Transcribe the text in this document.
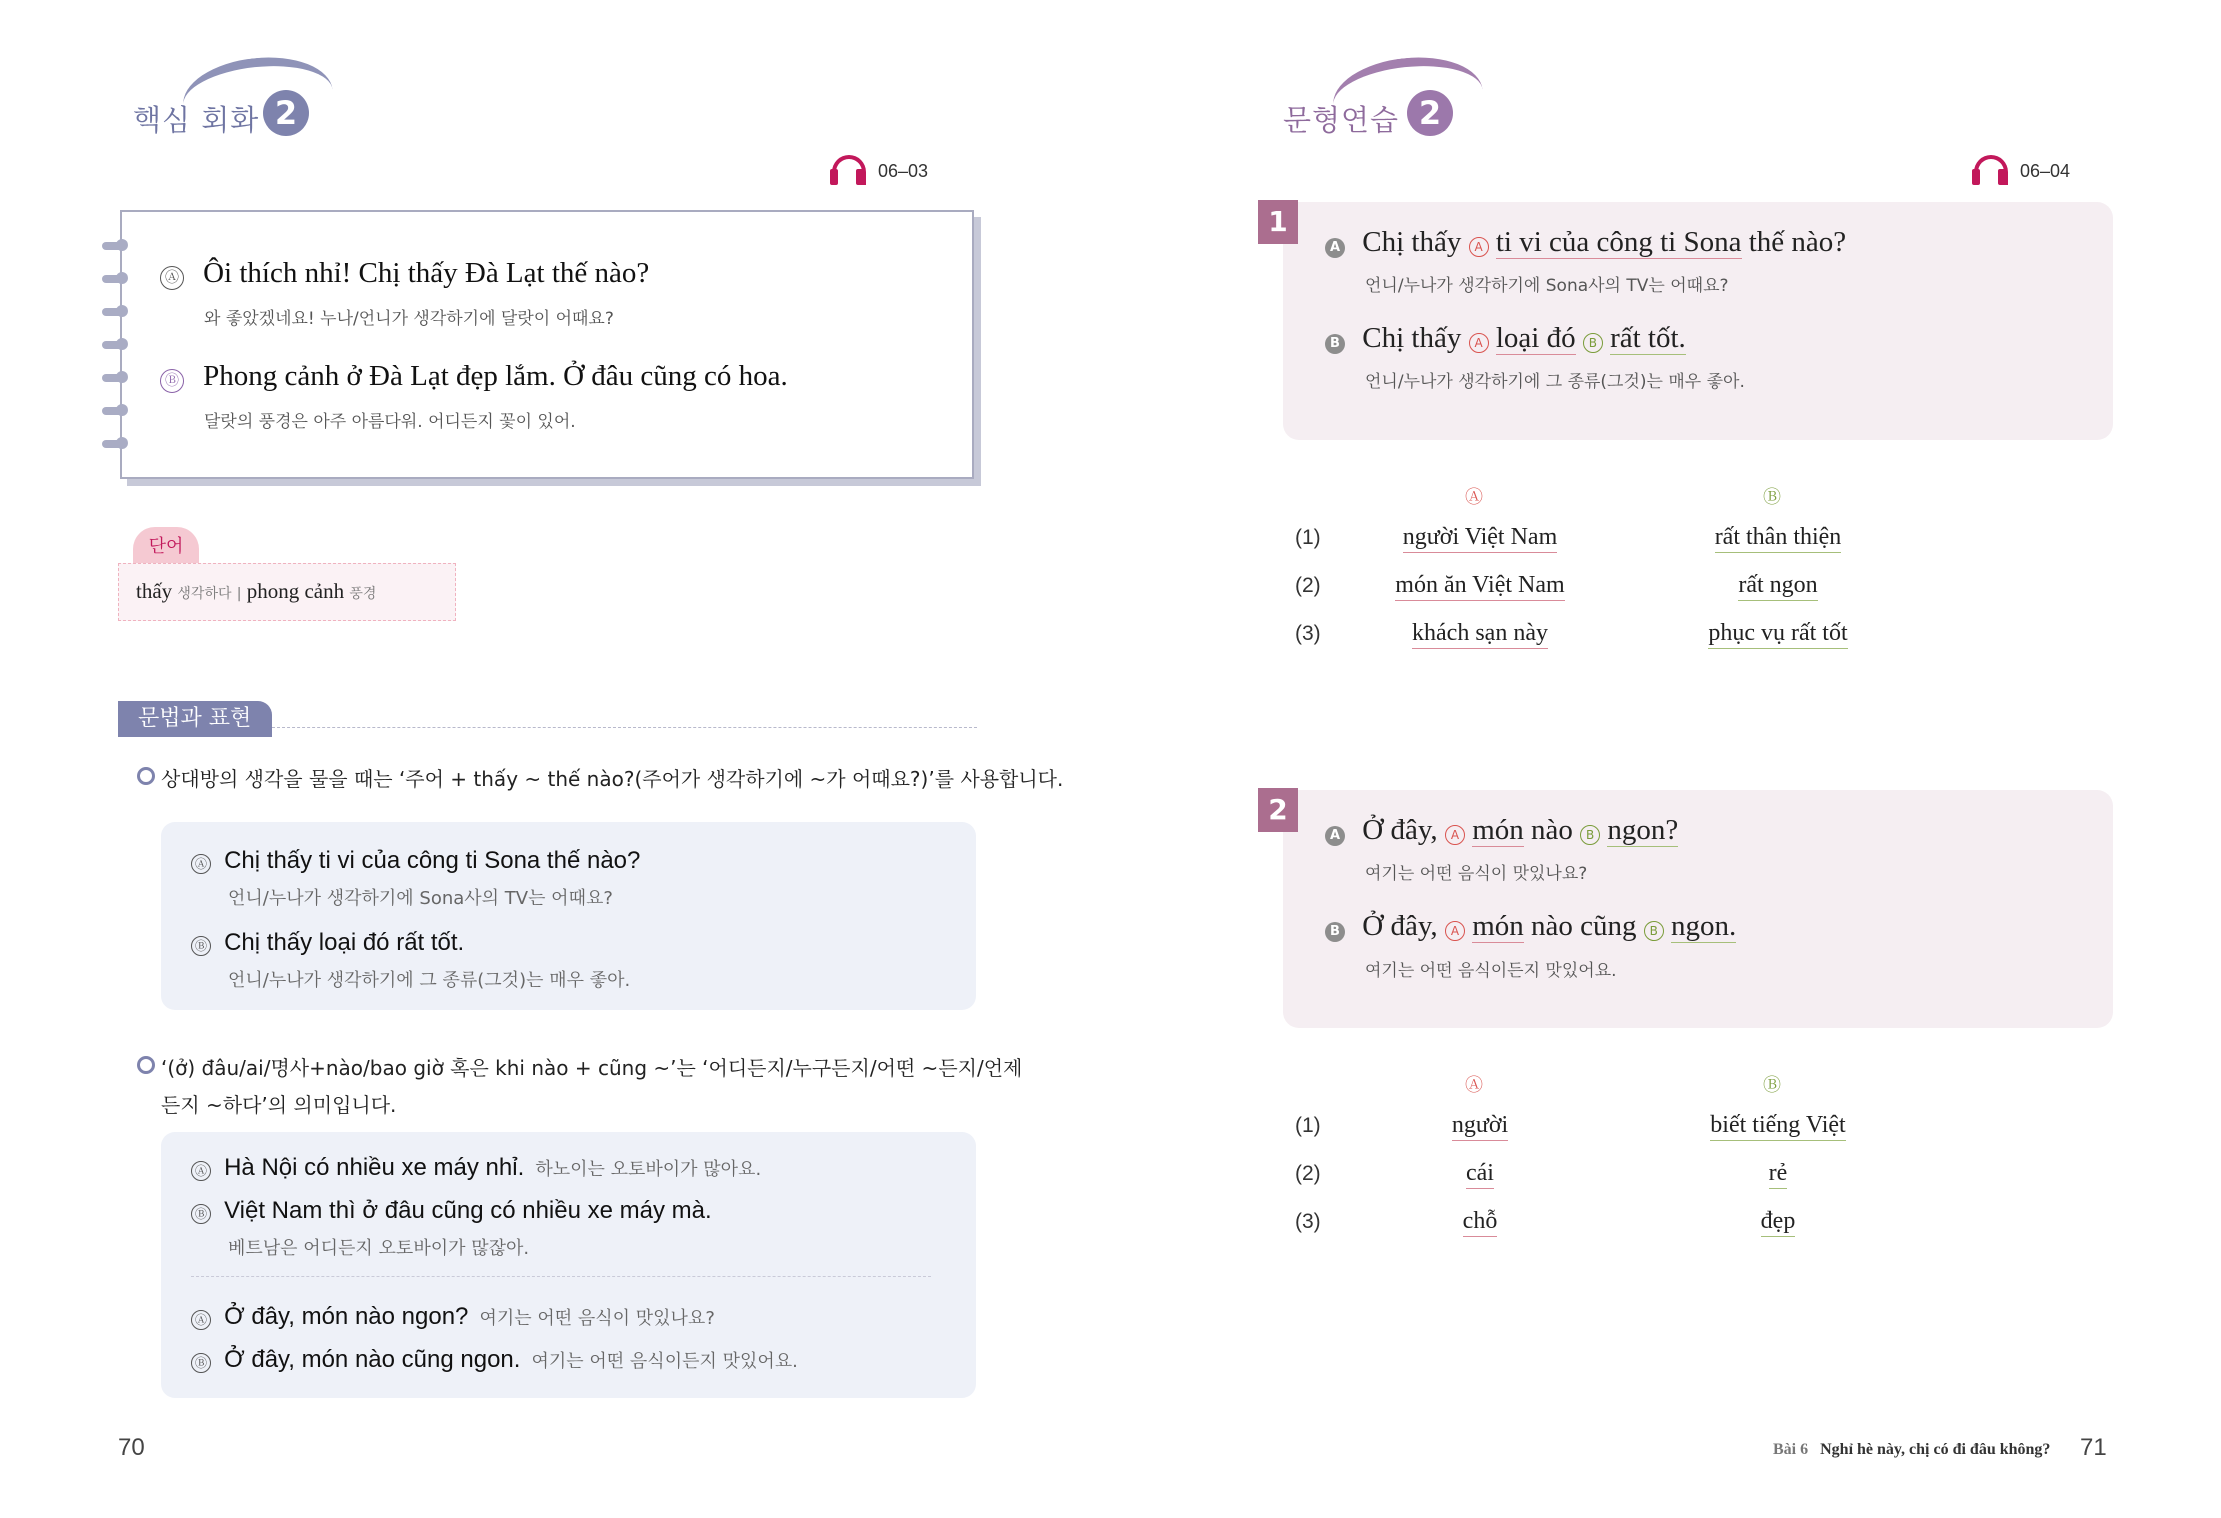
핵심 회화 2
06–03
Ⓐ Ôi thích nhỉ! Chị thấy Đà Lạt thế nào?
와 좋았겠네요! 누나/언니가 생각하기에 달랏이 어때요?
Ⓑ Phong cảnh ở Đà Lạt đẹp lắm. Ở đâu cũng có hoa.
달랏의 풍경은 아주 아름다워. 어디든지 꽃이 있어.
단어
thấy 생각하다 | phong cảnh 풍경
문법과 표현
상대방의 생각을 물을 때는 ‘주어 + thấy ~ thế nào?(주어가 생각하기에 ~가 어때요?)’를 사용합니다.
Ⓐ Chị thấy ti vi của công ti Sona thế nào?
언니/누나가 생각하기에 Sona사의 TV는 어때요?
Ⓑ Chị thấy loại đó rất tốt.
언니/누나가 생각하기에 그 종류(그것)는 매우 좋아.
‘(ở) đâu/ai/명사+nào/bao giờ 혹은 khi nào + cũng ~’는 ‘어디든지/누구든지/어떤 ~든지/언제
든지 ~하다’의 의미입니다.
Ⓐ Hà Nội có nhiều xe máy nhỉ. 하노이는 오토바이가 많아요.
Ⓑ Việt Nam thì ở đâu cũng có nhiều xe máy mà.
베트남은 어디든지 오토바이가 많잖아.
Ⓐ Ở đây, món nào ngon? 여기는 어떤 음식이 맛있나요?
Ⓑ Ở đây, món nào cũng ngon. 여기는 어떤 음식이든지 맛있어요.
70
문형연습 2
06–04
1
A Chị thấy A ti vi của công ti Sona thế nào?
언니/누나가 생각하기에 Sona사의 TV는 어때요?
B Chị thấy A loại đó B rất tốt.
언니/누나가 생각하기에 그 종류(그것)는 매우 좋아.
Ⓐ	Ⓑ
(1)	người Việt Nam	rất thân thiện
(2)	món ăn Việt Nam	rất ngon
(3)	khách sạn này	phục vụ rất tốt
2
A Ở đây, A món nào B ngon?
여기는 어떤 음식이 맛있나요?
B Ở đây, A món nào cũng B ngon.
여기는 어떤 음식이든지 맛있어요.
Ⓐ	Ⓑ
(1)	người	biết tiếng Việt
(2)	cái	rẻ
(3)	chỗ	đẹp
Bài 6 Nghỉ hè này, chị có đi đâu không? 71
